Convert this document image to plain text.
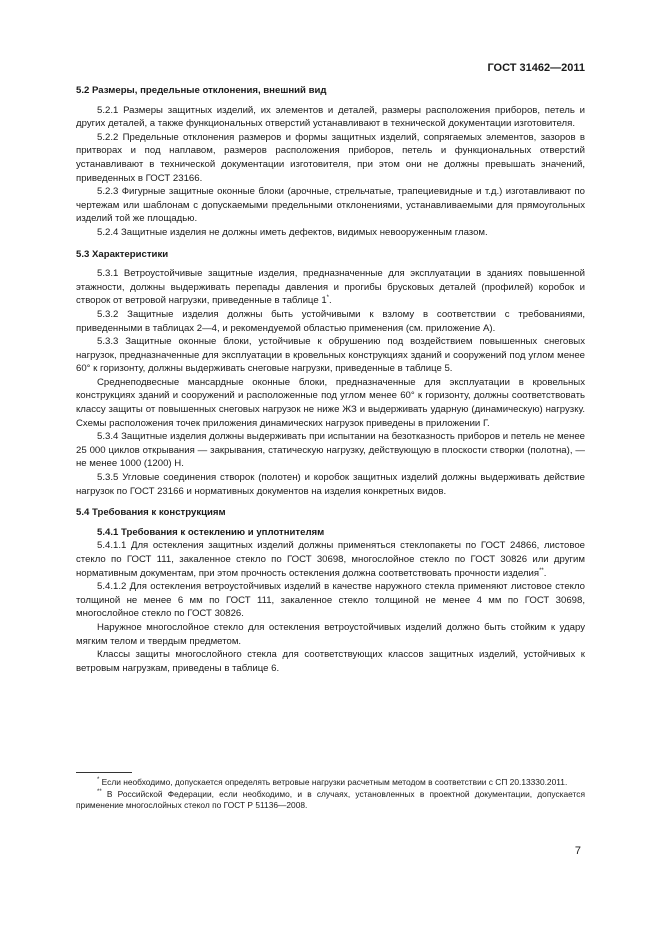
ГОСТ 31462—2011

5.2 Размеры, предельные отклонения, внешний вид

5.2.1 Размеры защитных изделий, их элементов и деталей, размеры расположения приборов, петель и других деталей, а также функциональных отверстий устанавливают в технической документации изготовителя.

5.2.2 Предельные отклонения размеров и формы защитных изделий, сопрягаемых элементов, зазоров в притворах и под наплавом, размеров расположения приборов, петель и функциональных отверстий устанавливают в технической документации изготовителя, при этом они не должны превышать значений, приведенных в ГОСТ 23166.

5.2.3 Фигурные защитные оконные блоки (арочные, стрельчатые, трапециевидные и т.д.) изготавливают по чертежам или шаблонам с допускаемыми предельными отклонениями, устанавливаемыми для прямоугольных изделий той же площадью.

5.2.4 Защитные изделия не должны иметь дефектов, видимых невооруженным глазом.

5.3 Характеристики

5.3.1 Ветроустойчивые защитные изделия, предназначенные для эксплуатации в зданиях повышенной этажности, должны выдерживать перепады давления и прогибы брусковых деталей (профилей) коробок и створок от ветровой нагрузки, приведенные в таблице 1*.

5.3.2 Защитные изделия должны быть устойчивыми к взлому в соответствии с требованиями, приведенными в таблицах 2—4, и рекомендуемой областью применения (см. приложение А).

5.3.3 Защитные оконные блоки, устойчивые к обрушению под воздействием повышенных снеговых нагрузок, предназначенные для эксплуатации в кровельных конструкциях зданий и сооружений под углом менее 60° к горизонту, должны выдерживать снеговые нагрузки, приведенные в таблице 5.

Среднеподвесные мансардные оконные блоки, предназначенные для эксплуатации в кровельных конструкциях зданий и сооружений и расположенные под углом менее 60° к горизонту, должны соответствовать классу защиты от повышенных снеговых нагрузок не ниже ЖЗ и выдерживать ударную (динамическую) нагрузку. Схемы расположения точек приложения динамических нагрузок приведены в приложении Г.

5.3.4 Защитные изделия должны выдерживать при испытании на безотказность приборов и петель не менее 25 000 циклов открывания — закрывания, статическую нагрузку, действующую в плоскости створки (полотна), — не менее 1000 (1200) Н.

5.3.5 Угловые соединения створок (полотен) и коробок защитных изделий должны выдерживать действие нагрузок по ГОСТ 23166 и нормативных документов на изделия конкретных видов.

5.4 Требования к конструкциям

5.4.1 Требования к остеклению и уплотнителям

5.4.1.1 Для остекления защитных изделий должны применяться стеклопакеты по ГОСТ 24866, листовое стекло по ГОСТ 111, закаленное стекло по ГОСТ 30698, многослойное стекло по ГОСТ 30826 или другим нормативным документам, при этом прочность остекления должна соответствовать прочности изделия**.

5.4.1.2 Для остекления ветроустойчивых изделий в качестве наружного стекла применяют листовое стекло толщиной не менее 6 мм по ГОСТ 111, закаленное стекло толщиной не менее 4 мм по ГОСТ 30698, многослойное стекло по ГОСТ 30826.

Наружное многослойное стекло для остекления ветроустойчивых изделий должно быть стойким к удару мягким телом и твердым предметом.

Классы защиты многослойного стекла для соответствующих классов защитных изделий, устойчивых к ветровым нагрузкам, приведены в таблице 6.

* Если необходимо, допускается определять ветровые нагрузки расчетным методом в соответствии с СП 20.13330.2011.

** В Российской Федерации, если необходимо, и в случаях, установленных в проектной документации, допускается применение многослойных стекол по ГОСТ Р 51136—2008.

7
